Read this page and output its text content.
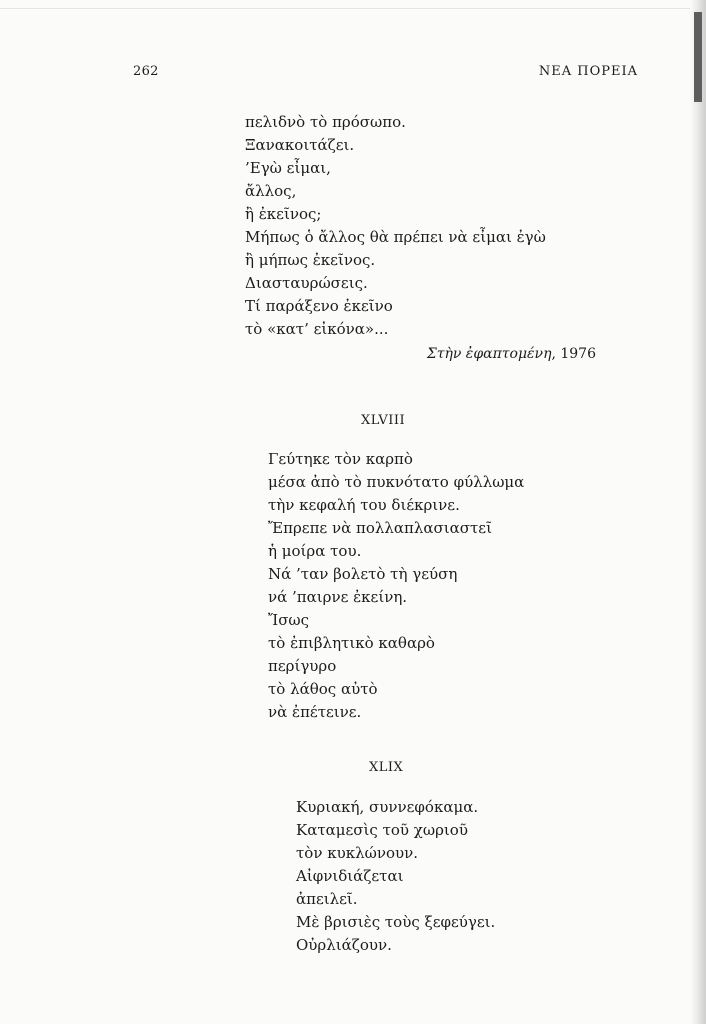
262	ΝΕΑ ΠΟΡΕΙΑ
πελιδνὸ τὸ πρόσωπο.
Ξανακοιτάζει.
’Εγὼ εἶμαι,
ἄλλος,
ἢ ἐκεῖνος;
Μήπως ὁ ἄλλος θὰ πρέπει νὰ εἶμαι ἐγὼ
ἢ μήπως ἐκεῖνος.
Διασταυρώσεις.
Τί παράξενο ἐκεῖνο
τὸ «κατ’ εἰκόνα»...
Στὴν ἐφαπτομένη, 1976
XLVIII
Γεύτηκε τὸν καρπὸ
μέσα ἀπὸ τὸ πυκνότατο φύλλωμα
τὴν κεφαλή του διέκρινε.
Ἔπρεπε νὰ πολλαπλασιαστεῖ
ἡ μοίρα του.
Νά ’ταν βολετὸ τὴ γεύση
νά ’παιρνε ἐκείνη.
Ἴσως
τὸ ἐπιβλητικὸ καθαρὸ
περίγυρο
τὸ λάθος αὐτὸ
νὰ ἐπέτεινε.
XLIX
Κυριακή, συννεφόκαμα.
Καταμεσὶς τοῦ χωριοῦ
τὸν κυκλώνουν.
Αἰφνιδιάζεται
ἀπειλεῖ.
Μὲ βρισιὲς τοὺς ξεφεύγει.
Οὐρλιάζουν.
